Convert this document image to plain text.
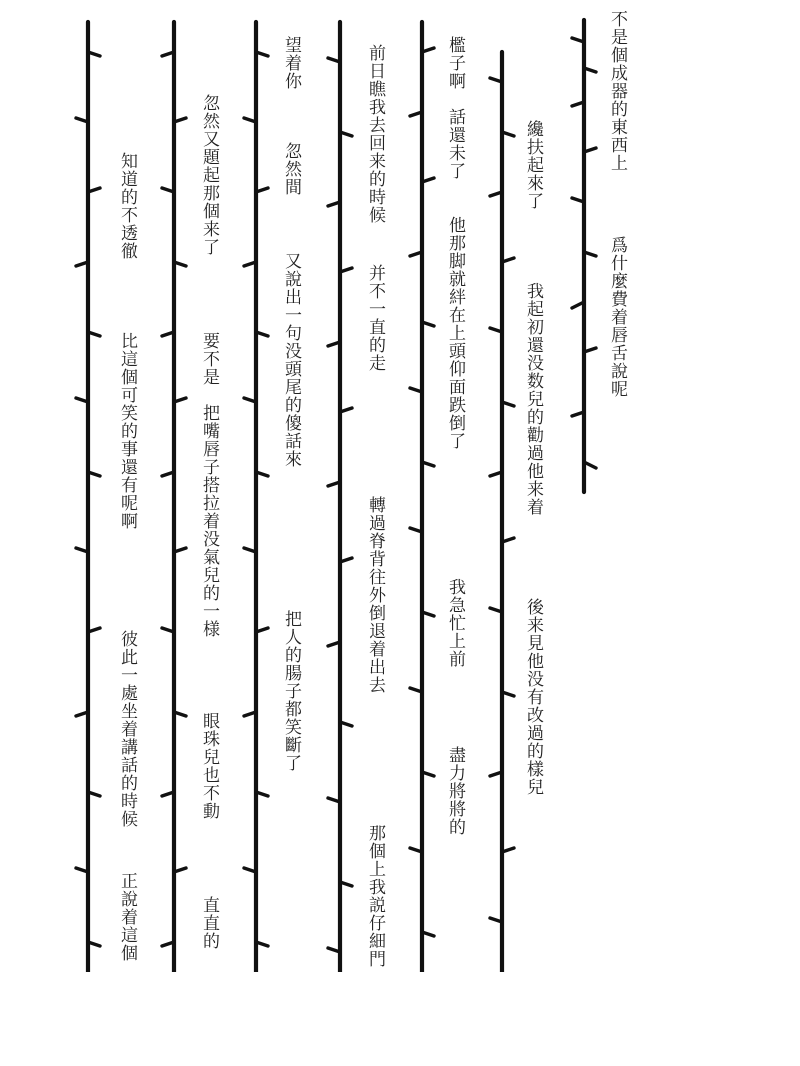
不是個成器的東西上
爲什麼費着唇舌說呢
纔扶起來了
我起初還没数兒的勸過他来着
後来見他没有改過的樣兒
檻子啊　話還未了
他那脚就絆在上頭仰面跌倒了
我急忙上前
盡力將將的
前日瞧我去回来的時候
并不一直的走
轉過脊背往外倒退着出去
那個上我説仔細門
望着你
忽然間
又說出一句没頭尾的傻話來
把人的腸子都笑斷了
忽然又題起那個来了
要不是　把嘴唇子搭拉着没氣兒的一様
眼珠兒也不動
直直的
知道的不透徹
比這個可笑的事還有呢啊
彼此一處坐着講話的時候
正說着這個
